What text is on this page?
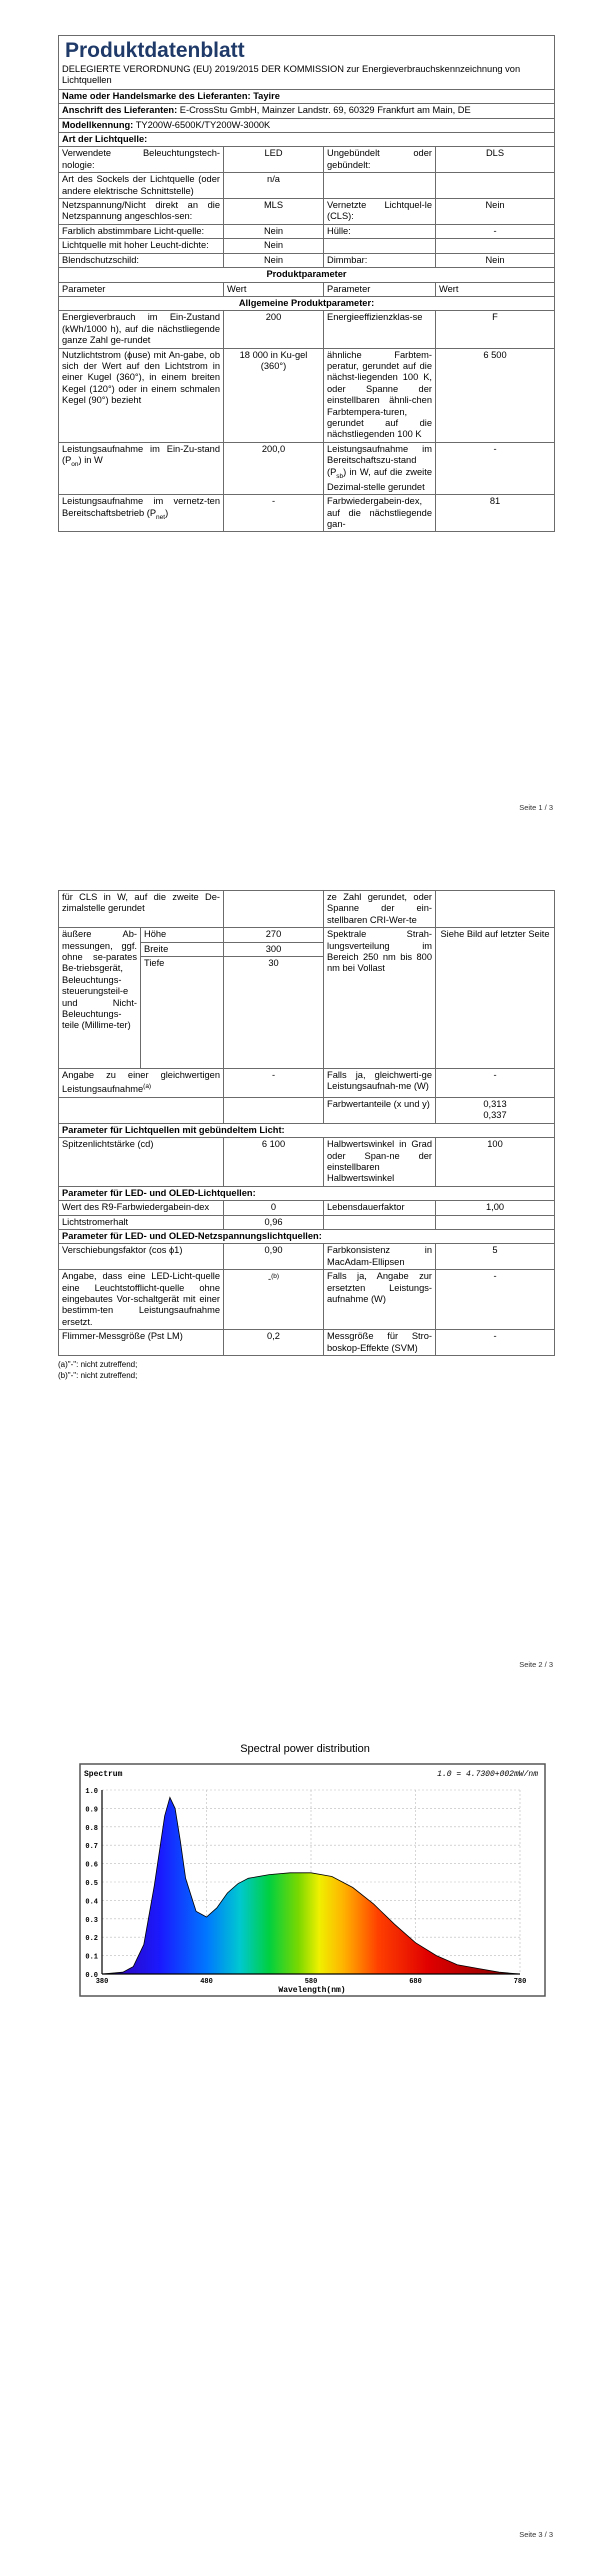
Produktdatenblatt
DELEGIERTE VERORDNUNG (EU) 2019/2015 DER KOMMISSION zur Energieverbrauchskennzeichnung von Lichtquellen			

Name oder Handelsmarke des Lieferanten: Tayire			
Anschrift des Lieferanten: E-CrossStu GmbH, Mainzer Landstr. 69, 60329 Frankfurt am Main, DE			
Modellkennung: TY200W-6500K/TY200W-3000K			
Art der Lichtquelle:			
Verwendete Beleuchtungstech-nologie:	LED	Ungebündelt oder gebündelt:	DLS
Art des Sockels der Lichtquelle (oder andere elektrische Schnittstelle)	n/a		
Netzspannung/Nicht direkt an die Netzspannung angeschlos-sen:	MLS	Vernetzte Lichtquel-le (CLS):	Nein
Farblich abstimmbare Licht-quelle:	Nein	Hülle:	-
Lichtquelle mit hoher Leucht-dichte:	Nein		
Blendschutzschild:	Nein	Dimmbar:	Nein
Produktparameter			
Parameter	Wert	Parameter	Wert
Allgemeine Produktparameter:			
Energieverbrauch im Ein-Zustand (kWh/1000 h), auf die nächstliegende ganze Zahl ge-rundet	200	Energieeffizienzklas-se	F
Nutzlichtstrom (ϕuse) mit An-gabe, ob sich der Wert auf den Lichtstrom in einer Kugel (360°), in einem breiten Kegel (120°) oder in einem schmalen Kegel (90°) bezieht	18 000 in Ku-gel (360°)	ähnliche Farbtem-peratur, gerundet auf die nächst-liegenden 100 K, oder Spanne der einstellbaren ähnli-chen Farbtempera-turen, gerundet auf die nächstliegenden 100 K	6 500
Leistungsaufnahme im Ein-Zu-stand $(P_{on})$ in W	200,0	Leistungsaufnahme im Bereitschaftszu-stand $(P_{sb})$ in W, auf die zweite Dezimal-stelle gerundet	-
Leistungsaufnahme im vernetz-ten Bereitschaftsbetrieb $(P_{net})$	-	Farbwiedergabein-dex, auf die nächstliegende gan-	81
Seite 1 / 3
für CLS in W, auf die zweite De-zimalstelle gerundet			ze Zahl gerundet, oder Spanne der ein-stellbaren CRI-Wer-te	
äußere Ab-messungen, ggf. ohne se-parates Be-triebsgerät, Beleuchtungs-steuerungsteil-e und Nicht-Beleuchtungs-teile (Millime-ter)	Höhe	270	Spektrale Strah-lungsverteilung im Bereich 250 nm bis 800 nm bei Vollast	Siehe Bild auf letzter Seite
	Breite	300		
	Tiefe	30		
Angabe zu einer gleichwertigen Leistungsaufnahme$^{(a)}$		-	Falls ja, gleichwerti-ge Leistungsaufnah-me (W)	-
			Farbwertanteile (x und y)	0,313
0,337

Parameter für Lichtquellen mit gebündeltem Licht:				
Spitzenlichtstärke (cd)		6 100	Halbwertswinkel in Grad oder Span-ne der einstellbaren Halbwertswinkel	100
Parameter für LED- und OLED-Lichtquellen:				
Wert des R9-Farbwiedergabein-dex		0	Lebensdauerfaktor	1,00
Lichtstromerhalt		0,96		
Parameter für LED- und OLED-Netzspannungslichtquellen:				
Verschiebungsfaktor (cos ϕ1)		0,90	Farbkonsistenz in MacAdam-Ellipsen	5
Angabe, dass eine LED-Licht-quelle eine Leuchtstofflicht-quelle ohne eingebautes Vor-schaltgerät mit einer bestimm-ten Leistungsaufnahme ersetzt.		-$^{(b)}$	Falls ja, Angabe zur ersetzten Leistungs-aufnahme (W)	-
Flimmer-Messgröße (Pst LM)		0,2	Messgröße für Stro-boskop-Effekte (SVM)	-
(a)"-": nicht zutreffend;
(b)"-": nicht zutreffend;
Seite 2 / 3
Spectral power distribution
Spectrum	1.0 = 4.7300+002mW/nm
0.0
0.1
0.2
0.3
0.4
0.5
0.6
0.7
0.8
0.9
1.0
380	480	580	680	780
Wavelength(nm)
Seite 3 / 3
